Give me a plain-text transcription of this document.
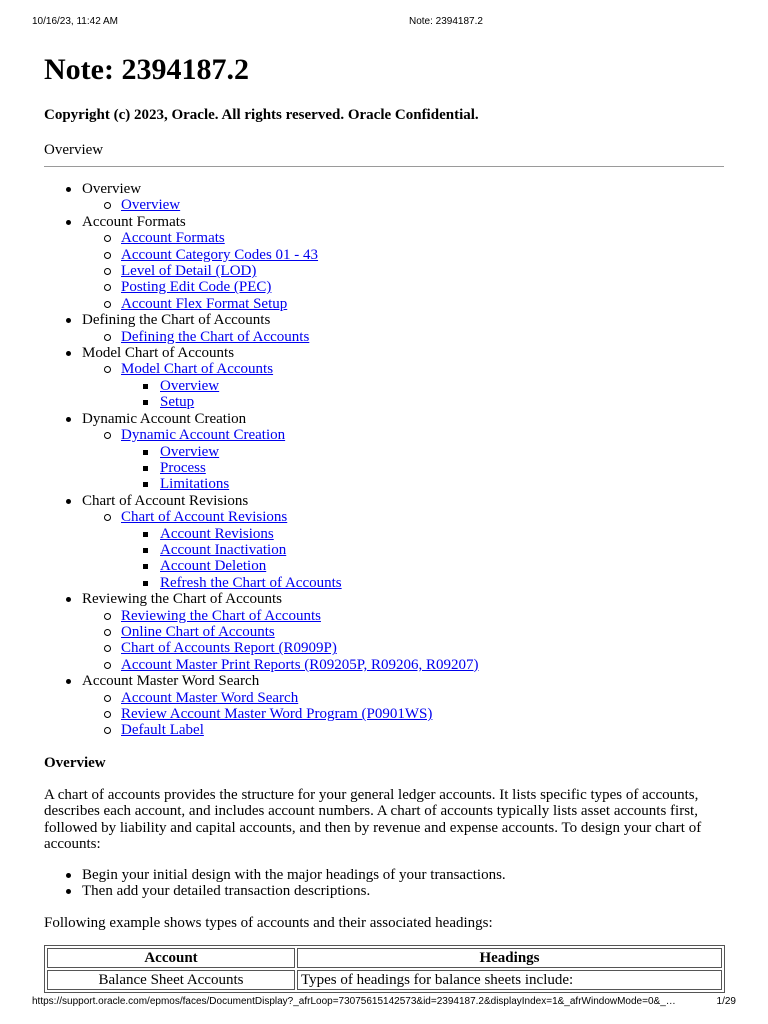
10/16/23, 11:42 AM	Note: 2394187.2
Note: 2394187.2

Copyright (c) 2023, Oracle. All rights reserved. Oracle Confidential.

Overview

Overview
Overview
Account Formats
Account Formats
Account Category Codes 01 - 43
Level of Detail (LOD)
Posting Edit Code (PEC)
Account Flex Format Setup
Defining the Chart of Accounts
Defining the Chart of Accounts
Model Chart of Accounts
Model Chart of Accounts
Overview
Setup
Dynamic Account Creation
Dynamic Account Creation
Overview
Process
Limitations
Chart of Account Revisions
Chart of Account Revisions
Account Revisions
Account Inactivation
Account Deletion
Refresh the Chart of Accounts
Reviewing the Chart of Accounts
Reviewing the Chart of Accounts
Online Chart of Accounts
Chart of Accounts Report (R0909P)
Account Master Print Reports (R09205P, R09206, R09207)
Account Master Word Search
Account Master Word Search
Review Account Master Word Program (P0901WS)
Default Label

Overview

A chart of accounts provides the structure for your general ledger accounts. It lists specific types of accounts, describes each account, and includes account numbers. A chart of accounts typically lists asset accounts first, followed by liability and capital accounts, and then by revenue and expense accounts. To design your chart of accounts:

Begin your initial design with the major headings of your transactions.
Then add your detailed transaction descriptions.

Following example shows types of accounts and their associated headings:

Account	Headings
Balance Sheet Accounts	Types of headings for balance sheets include:
https://support.oracle.com/epmos/faces/DocumentDisplay?_afrLoop=73075615142573&id=2394187.2&displayIndex=1&_afrWindowMode=0&_…	1/29
